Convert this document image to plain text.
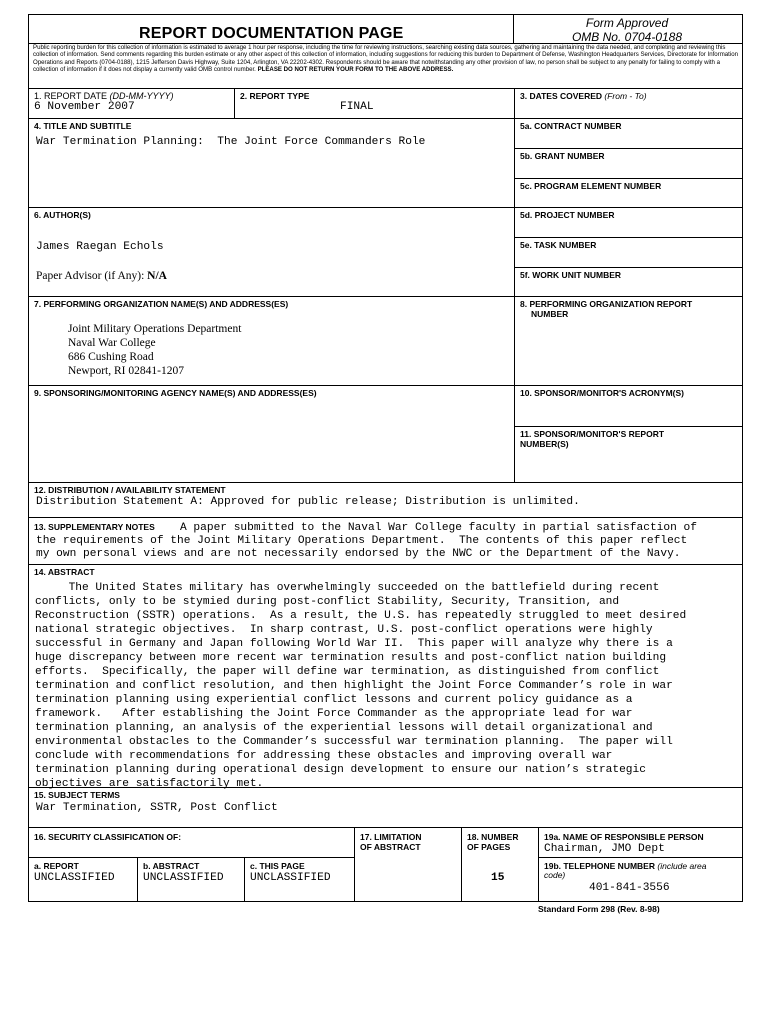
REPORT DOCUMENTATION PAGE
Form Approved
OMB No. 0704-0188
Public reporting burden for this collection of information is estimated to average 1 hour per response, including the time for reviewing instructions, searching existing data sources, gathering and maintaining the data needed, and completing and reviewing this collection of information. Send comments regarding this burden estimate or any other aspect of this collection of information, including suggestions for reducing this burden to Department of Defense, Washington Headquarters Services, Directorate for Information Operations and Reports (0704-0188), 1215 Jefferson Davis Highway, Suite 1204, Arlington, VA 22202-4302. Respondents should be aware that notwithstanding any other provision of law, no person shall be subject to any penalty for failing to comply with a collection of information if it does not display a currently valid OMB control number. PLEASE DO NOT RETURN YOUR FORM TO THE ABOVE ADDRESS.
1. REPORT DATE (DD-MM-YYYY)
6 November 2007
2. REPORT TYPE
FINAL
3. DATES COVERED (From - To)
4. TITLE AND SUBTITLE
War Termination Planning:  The Joint Force Commanders Role
5a. CONTRACT NUMBER
5b. GRANT NUMBER
5c. PROGRAM ELEMENT NUMBER
6. AUTHOR(S)
James Raegan Echols
Paper Advisor (if Any): N/A
5d. PROJECT NUMBER
5e. TASK NUMBER
5f. WORK UNIT NUMBER
7. PERFORMING ORGANIZATION NAME(S) AND ADDRESS(ES)
Joint Military Operations Department
Naval War College
686 Cushing Road
Newport, RI 02841-1207
8. PERFORMING ORGANIZATION REPORT
NUMBER
9. SPONSORING/MONITORING AGENCY NAME(S) AND ADDRESS(ES)	10. SPONSOR/MONITOR'S ACRONYM(S)
11. SPONSOR/MONITOR'S REPORT
NUMBER(S)
12. DISTRIBUTION / AVAILABILITY STATEMENT
Distribution Statement A: Approved for public release; Distribution is unlimited.
13. SUPPLEMENTARY NOTES A paper submitted to the Naval War College faculty in partial satisfaction of
the requirements of the Joint Military Operations Department.  The contents of this paper reflect
my own personal views and are not necessarily endorsed by the NWC or the Department of the Navy.
14. ABSTRACT
The United States military has overwhelmingly succeeded on the battlefield during recent
conflicts, only to be stymied during post-conflict Stability, Security, Transition, and
Reconstruction (SSTR) operations.  As a result, the U.S. has repeatedly struggled to meet desired
national strategic objectives.  In sharp contrast, U.S. post-conflict operations were highly
successful in Germany and Japan following World War II.  This paper will analyze why there is a
huge discrepancy between more recent war termination results and post-conflict nation building
efforts.  Specifically, the paper will define war termination, as distinguished from conflict
termination and conflict resolution, and then highlight the Joint Force Commander’s role in war
termination planning using experiential conflict lessons and current policy guidance as a
framework.   After establishing the Joint Force Commander as the appropriate lead for war
termination planning, an analysis of the experiential lessons will detail organizational and
environmental obstacles to the Commander’s successful war termination planning.  The paper will
conclude with recommendations for addressing these obstacles and improving overall war
termination planning during operational design development to ensure our nation’s strategic
objectives are satisfactorily met.
15. SUBJECT TERMS
War Termination, SSTR, Post Conflict
16. SECURITY CLASSIFICATION OF:
a. REPORT
UNCLASSIFIED
b. ABSTRACT
UNCLASSIFIED
c. THIS PAGE
UNCLASSIFIED
17. LIMITATION
OF ABSTRACT
18. NUMBER
OF PAGES
15
19a. NAME OF RESPONSIBLE PERSON
Chairman, JMO Dept
19b. TELEPHONE NUMBER (include area
code)
401-841-3556
Standard Form 298 (Rev. 8-98)
